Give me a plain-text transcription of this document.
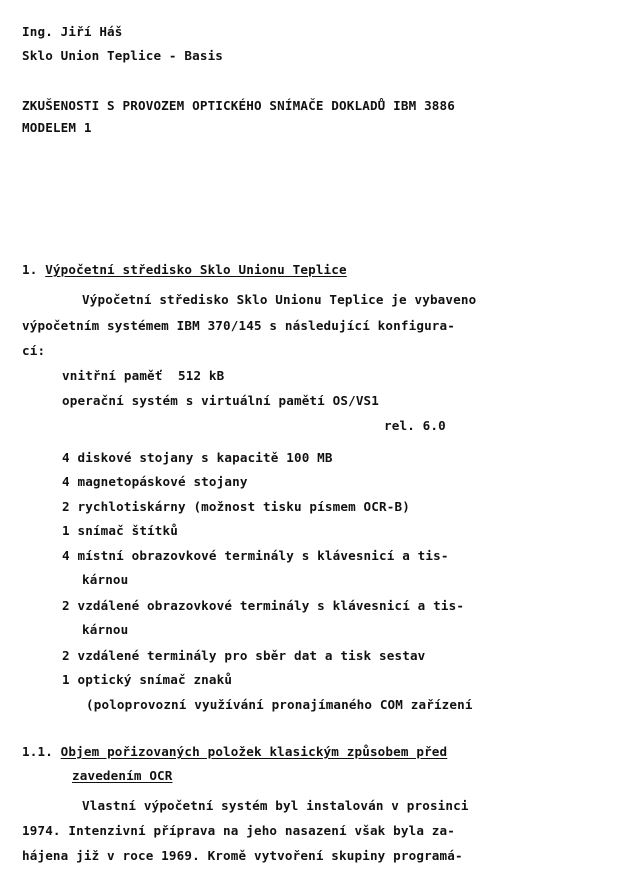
Ing. Jiří Háš
Sklo Union Teplice - Basis
ZKUŠENOSTI S PROVOZEM OPTICKÉHO SNÍMAČE DOKLADŮ IBM 3886
MODELEM 1
1. Výpočetní středisko Sklo Unionu Teplice
Výpočetní středisko Sklo Unionu Teplice je vybaveno
výpočetním systémem IBM 370/145 s následující konfigura-
cí:
vnitřní paměť  512 kB
operační systém s virtuální pamětí OS/VS1
rel. 6.0
4 diskové stojany s kapacitě 100 MB
4 magnetopáskové stojany
2 rychlotiskárny (možnost tisku písmem OCR-B)
1 snímač štítků
4 místní obrazovkové terminály s klávesnicí a tis-
kárnou
2 vzdálené obrazovkové terminály s klávesnicí a tis-
kárnou
2 vzdálené terminály pro sběr dat a tisk sestav
1 optický snímač znaků
(poloprovozní využívání pronajímaného COM zařízení
1.1. Objem pořizovaných položek klasickým způsobem před
zavedením OCR
Vlastní výpočetní systém byl instalován v prosinci
1974. Intenzivní příprava na jeho nasazení však byla za-
hájena již v roce 1969. Kromě vytvoření skupiny programá-
